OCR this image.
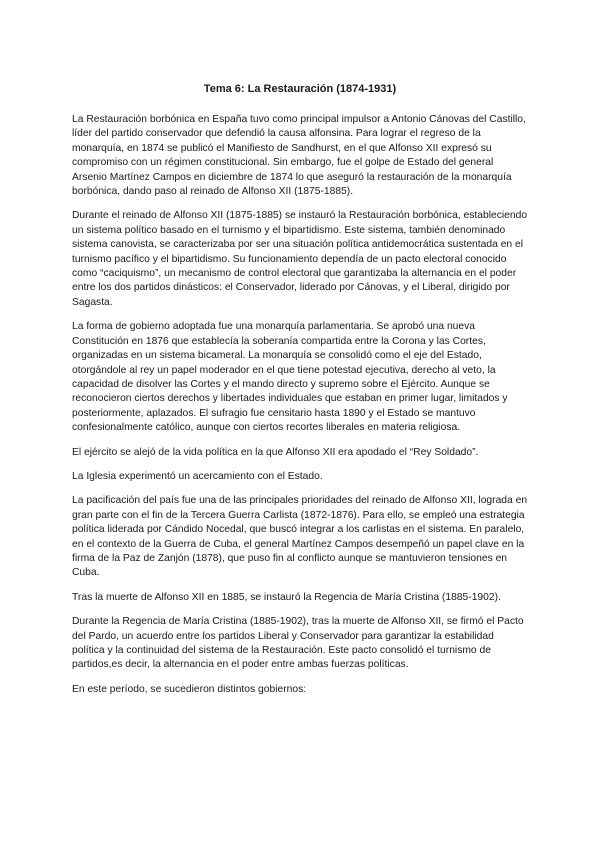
Tema 6: La Restauración (1874-1931)

La Restauración borbónica en España tuvo como principal impulsor a Antonio Cánovas del Castillo, líder del partido conservador que defendió la causa alfonsina. Para lograr el regreso de la monarquía, en 1874 se publicó el Manifiesto de Sandhurst, en el que Alfonso XII expresó su compromiso con un régimen constitucional. Sin embargo, fue el golpe de Estado del general Arsenio Martínez Campos en diciembre de 1874 lo que aseguró la restauración de la monarquía borbónica, dando paso al reinado de Alfonso XII (1875-1885).

Durante el reinado de Alfonso XII (1875-1885) se instauró la Restauración borbónica, estableciendo un sistema político basado en el turnismo y el bipartidismo. Este sistema, también denominado sistema canovista, se caracterizaba por ser una situación política antidemocrática sustentada en el turnismo pacífico y el bipartidismo. Su funcionamiento dependía de un pacto electoral conocido como “caciquismo”, un mecanismo de control electoral que garantizaba la alternancia en el poder entre los dos partidos dinásticos: el Conservador, liderado por Cánovas, y el Liberal, dirigido por Sagasta.

La forma de gobierno adoptada fue una monarquía parlamentaria. Se aprobó una nueva Constitución en 1876 que establecía la soberanía compartida entre la Corona y las Cortes, organizadas en un sistema bicameral. La monarquía se consolidó como el eje del Estado, otorgándole al rey un papel moderador en el que tiene potestad ejecutiva, derecho al veto, la capacidad de disolver las Cortes y el mando directo y supremo sobre el Ejército. Aunque se reconocieron ciertos derechos y libertades individuales que estaban en primer lugar, limitados y posteriormente, aplazados. El sufragio fue censitario hasta 1890 y el Estado se mantuvo confesionalmente católico, aunque con ciertos recortes liberales en materia religiosa.

El ejército se alejó de la vida política en la que Alfonso XII era apodado el “Rey Soldado”.

La Iglesia experimentó un acercamiento con el Estado.

La pacificación del país fue una de las principales prioridades del reinado de Alfonso XII, lograda en gran parte con el fin de la Tercera Guerra Carlista (1872-1876). Para ello, se empleó una estrategia política liderada por Cándido Nocedal, que buscó integrar a los carlistas en el sistema. En paralelo, en el contexto de la Guerra de Cuba, el general Martínez Campos desempeñó un papel clave en la firma de la Paz de Zanjón (1878), que puso fin al conflicto aunque se mantuvieron tensiones en Cuba.

Tras la muerte de Alfonso XII en 1885, se instauró la Regencia de María Cristina (1885-1902).

Durante la Regencia de María Cristina (1885-1902), tras la muerte de Alfonso XII, se firmó el Pacto del Pardo, un acuerdo entre los partidos Liberal y Conservador para garantizar la estabilidad política y la continuidad del sistema de la Restauración. Este pacto consolidó el turnismo de partidos,es decir, la alternancia en el poder entre ambas fuerzas políticas.

En este período, se sucedieron distintos gobiernos:
